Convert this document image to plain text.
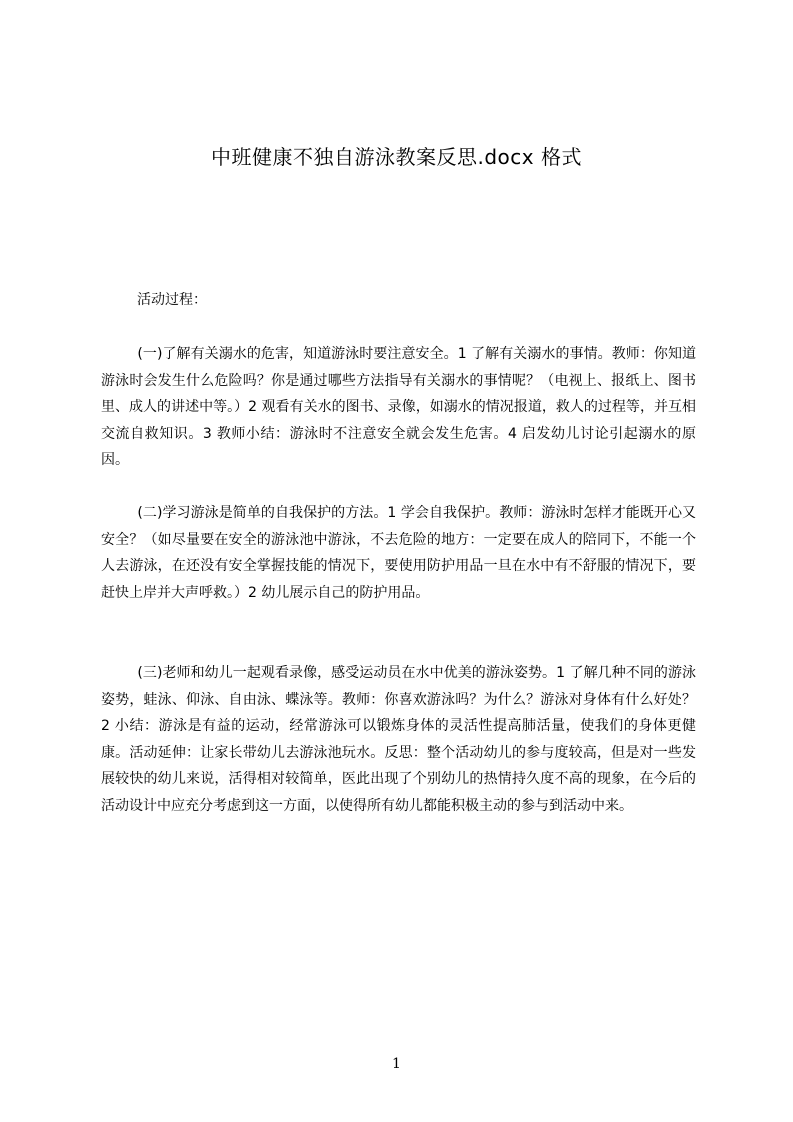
中班健康不独自游泳教案反思.docx 格式
活动过程：

(一)了解有关溺水的危害，知道游泳时要注意安全。1 了解有关溺水的事情。教师：你知道游泳时会发生什么危险吗？你是通过哪些方法指导有关溺水的事情呢？（电视上、报纸上、图书里、成人的讲述中等。）2 观看有关水的图书、录像，如溺水的情况报道，救人的过程等，并互相交流自救知识。3 教师小结：游泳时不注意安全就会发生危害。4 启发幼儿讨论引起溺水的原因。

(二)学习游泳是简单的自我保护的方法。1 学会自我保护。教师：游泳时怎样才能既开心又安全？（如尽量要在安全的游泳池中游泳，不去危险的地方：一定要在成人的陪同下，不能一个人去游泳，在还没有安全掌握技能的情况下，要使用防护用品一旦在水中有不舒服的情况下，要赶快上岸并大声呼救。）2 幼儿展示自己的防护用品。

(三)老师和幼儿一起观看录像，感受运动员在水中优美的游泳姿势。1 了解几种不同的游泳姿势，蛙泳、仰泳、自由泳、蝶泳等。教师：你喜欢游泳吗？为什么？游泳对身体有什么好处？2 小结：游泳是有益的运动，经常游泳可以锻炼身体的灵活性提高肺活量，使我们的身体更健康。活动延伸：让家长带幼儿去游泳池玩水。反思：整个活动幼儿的参与度较高，但是对一些发展较快的幼儿来说，活得相对较简单，医此出现了个别幼儿的热情持久度不高的现象，在今后的活动设计中应充分考虑到这一方面，以使得所有幼儿都能积极主动的参与到活动中来。

1
